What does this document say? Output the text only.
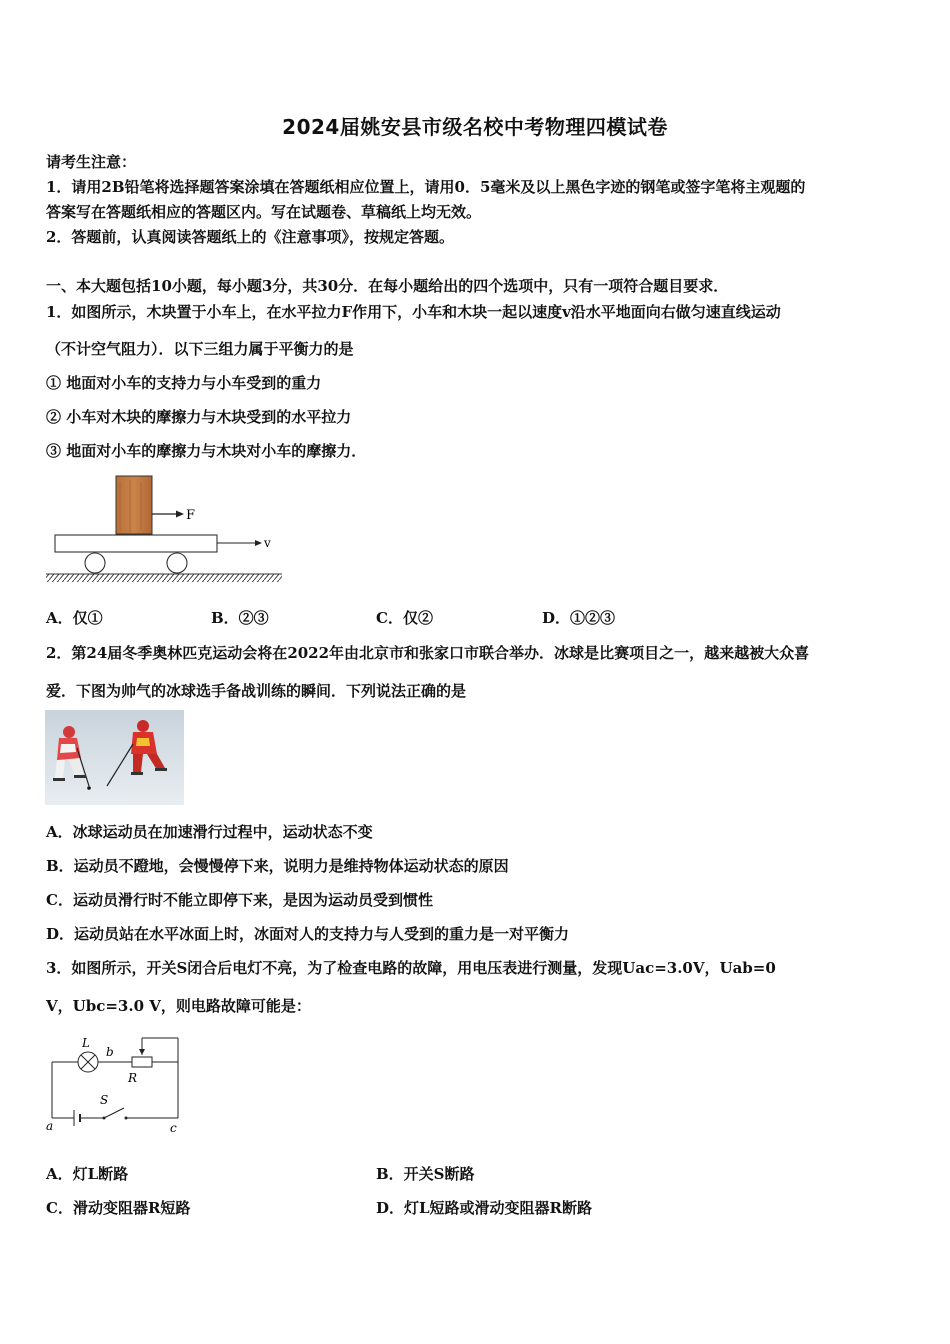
2024届姚安县市级名校中考物理四模试卷
请考生注意：
1．请用2B铅笔将选择题答案涂填在答题纸相应位置上，请用0．5毫米及以上黑色字迹的钢笔或签字笔将主观题的
答案写在答题纸相应的答题区内。写在试题卷、草稿纸上均无效。
2．答题前，认真阅读答题纸上的《注意事项》，按规定答题。
一、本大题包括10小题，每小题3分，共30分．在每小题给出的四个选项中，只有一项符合题目要求．
1．如图所示，木块置于小车上，在水平拉力F作用下，小车和木块一起以速度v沿水平地面向右做匀速直线运动
（不计空气阻力）．以下三组力属于平衡力的是
① 地面对小车的支持力与小车受到的重力
② 小车对木块的摩擦力与木块受到的水平拉力
③ 地面对小车的摩擦力与木块对小车的摩擦力．
F
v
A．仅①	B．②③	C．仅②	D．①②③
2．第24届冬季奥林匹克运动会将在2022年由北京市和张家口市联合举办．冰球是比赛项目之一，越来越被大众喜
爱．下图为帅气的冰球选手备战训练的瞬间．下列说法正确的是
A．冰球运动员在加速滑行过程中，运动状态不变
B．运动员不蹬地，会慢慢停下来，说明力是维持物体运动状态的原因
C．运动员滑行时不能立即停下来，是因为运动员受到惯性
D．运动员站在水平冰面上时，冰面对人的支持力与人受到的重力是一对平衡力
3．如图所示，开关S闭合后电灯不亮，为了检查电路的故障，用电压表进行测量，发现Uac=3.0V，Uab=0
V，Ubc=3.0 V，则电路故障可能是：
L
b
R
S
a	c
A．灯L断路	B．开关S断路
C．滑动变阻器R短路	D．灯L短路或滑动变阻器R断路
